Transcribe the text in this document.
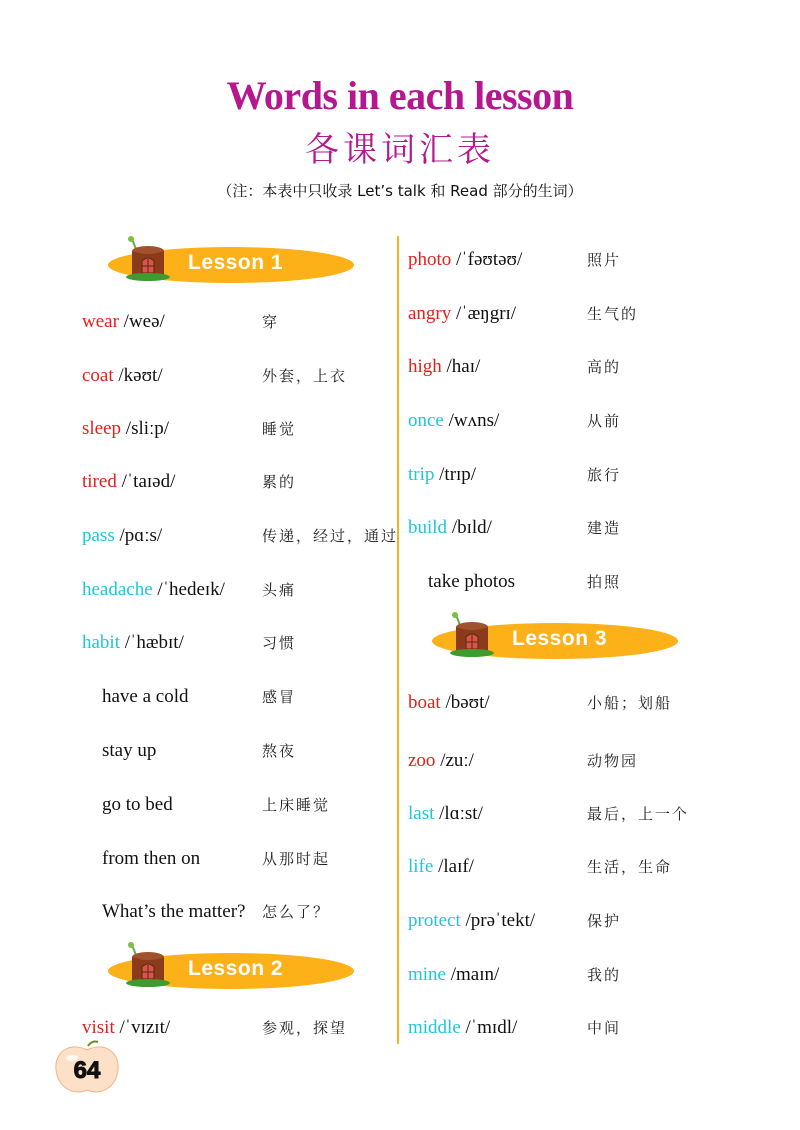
Words in each lesson
各课词汇表
（注：本表中只收录 Let’s talk 和 Read 部分的生词）
Lesson 1
Lesson 2
Lesson 3
wear /weə/	穿
coat /kəʊt/	外套，上衣
sleep /sliːp/	睡觉
tired /ˈtaɪəd/	累的
pass /pɑːs/	传递，经过，通过
headache /ˈhedeɪk/ 头痛
habit /ˈhæbɪt/	习惯
have a cold	感冒
stay up	熬夜
go to bed	上床睡觉
from then on	从那时起
What’s the matter? 怎么了？
visit /ˈvɪzɪt/	参观，探望
photo /ˈfəʊtəʊ/	照片
angry /ˈæŋgrɪ/	生气的
high /haɪ/	高的
once /wʌns/	从前
trip /trɪp/	旅行
build /bɪld/	建造
take photos	拍照
boat /bəʊt/	小船；划船
zoo /zuː/	动物园
last /lɑːst/	最后，上一个
life /laɪf/	生活，生命
protect /prəˈtekt/	保护
mine /maɪn/	我的
middle /ˈmɪdl/	中间
64
